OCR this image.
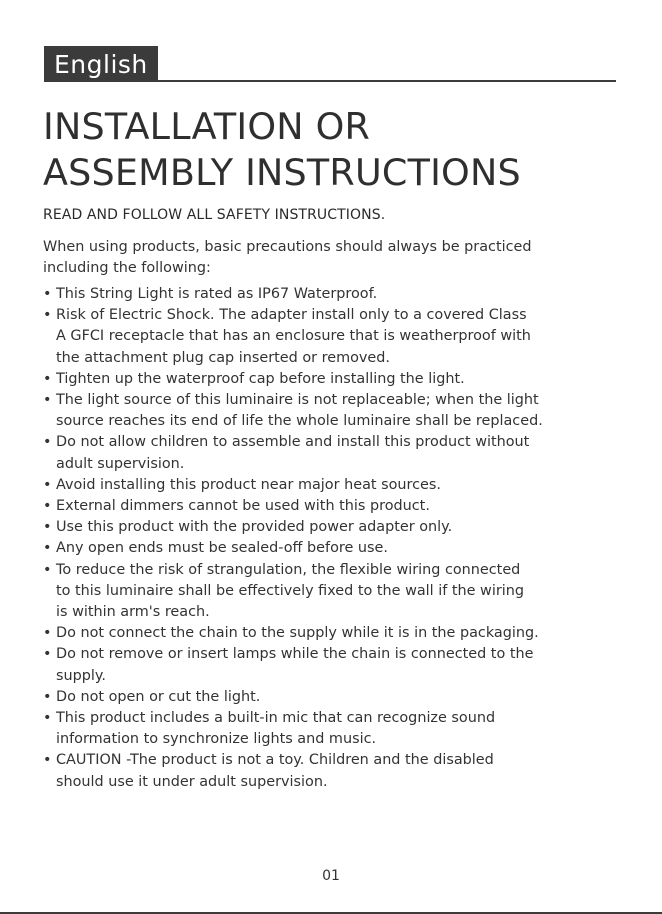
English
INSTALLATION OR
ASSEMBLY INSTRUCTIONS
READ AND FOLLOW ALL SAFETY INSTRUCTIONS.
When using products, basic precautions should always be practiced
including the following:
• This String Light is rated as IP67 Waterproof.
• Risk of Electric Shock. The adapter install only to a covered Class
A GFCI receptacle that has an enclosure that is weatherproof with
the attachment plug cap inserted or removed.
• Tighten up the waterproof cap before installing the light.
• The light source of this luminaire is not replaceable; when the light
source reaches its end of life the whole luminaire shall be replaced.
• Do not allow children to assemble and install this product without
adult supervision.
• Avoid installing this product near major heat sources.
• External dimmers cannot be used with this product.
• Use this product with the provided power adapter only.
• Any open ends must be sealed-off before use.
• To reduce the risk of strangulation, the flexible wiring connected
to this luminaire shall be effectively fixed to the wall if the wiring
is within arm's reach.
• Do not connect the chain to the supply while it is in the packaging.
• Do not remove or insert lamps while the chain is connected to the
supply.
• Do not open or cut the light.
• This product includes a built-in mic that can recognize sound
information to synchronize lights and music.
• CAUTION -The product is not a toy. Children and the disabled
should use it under adult supervision.
01
